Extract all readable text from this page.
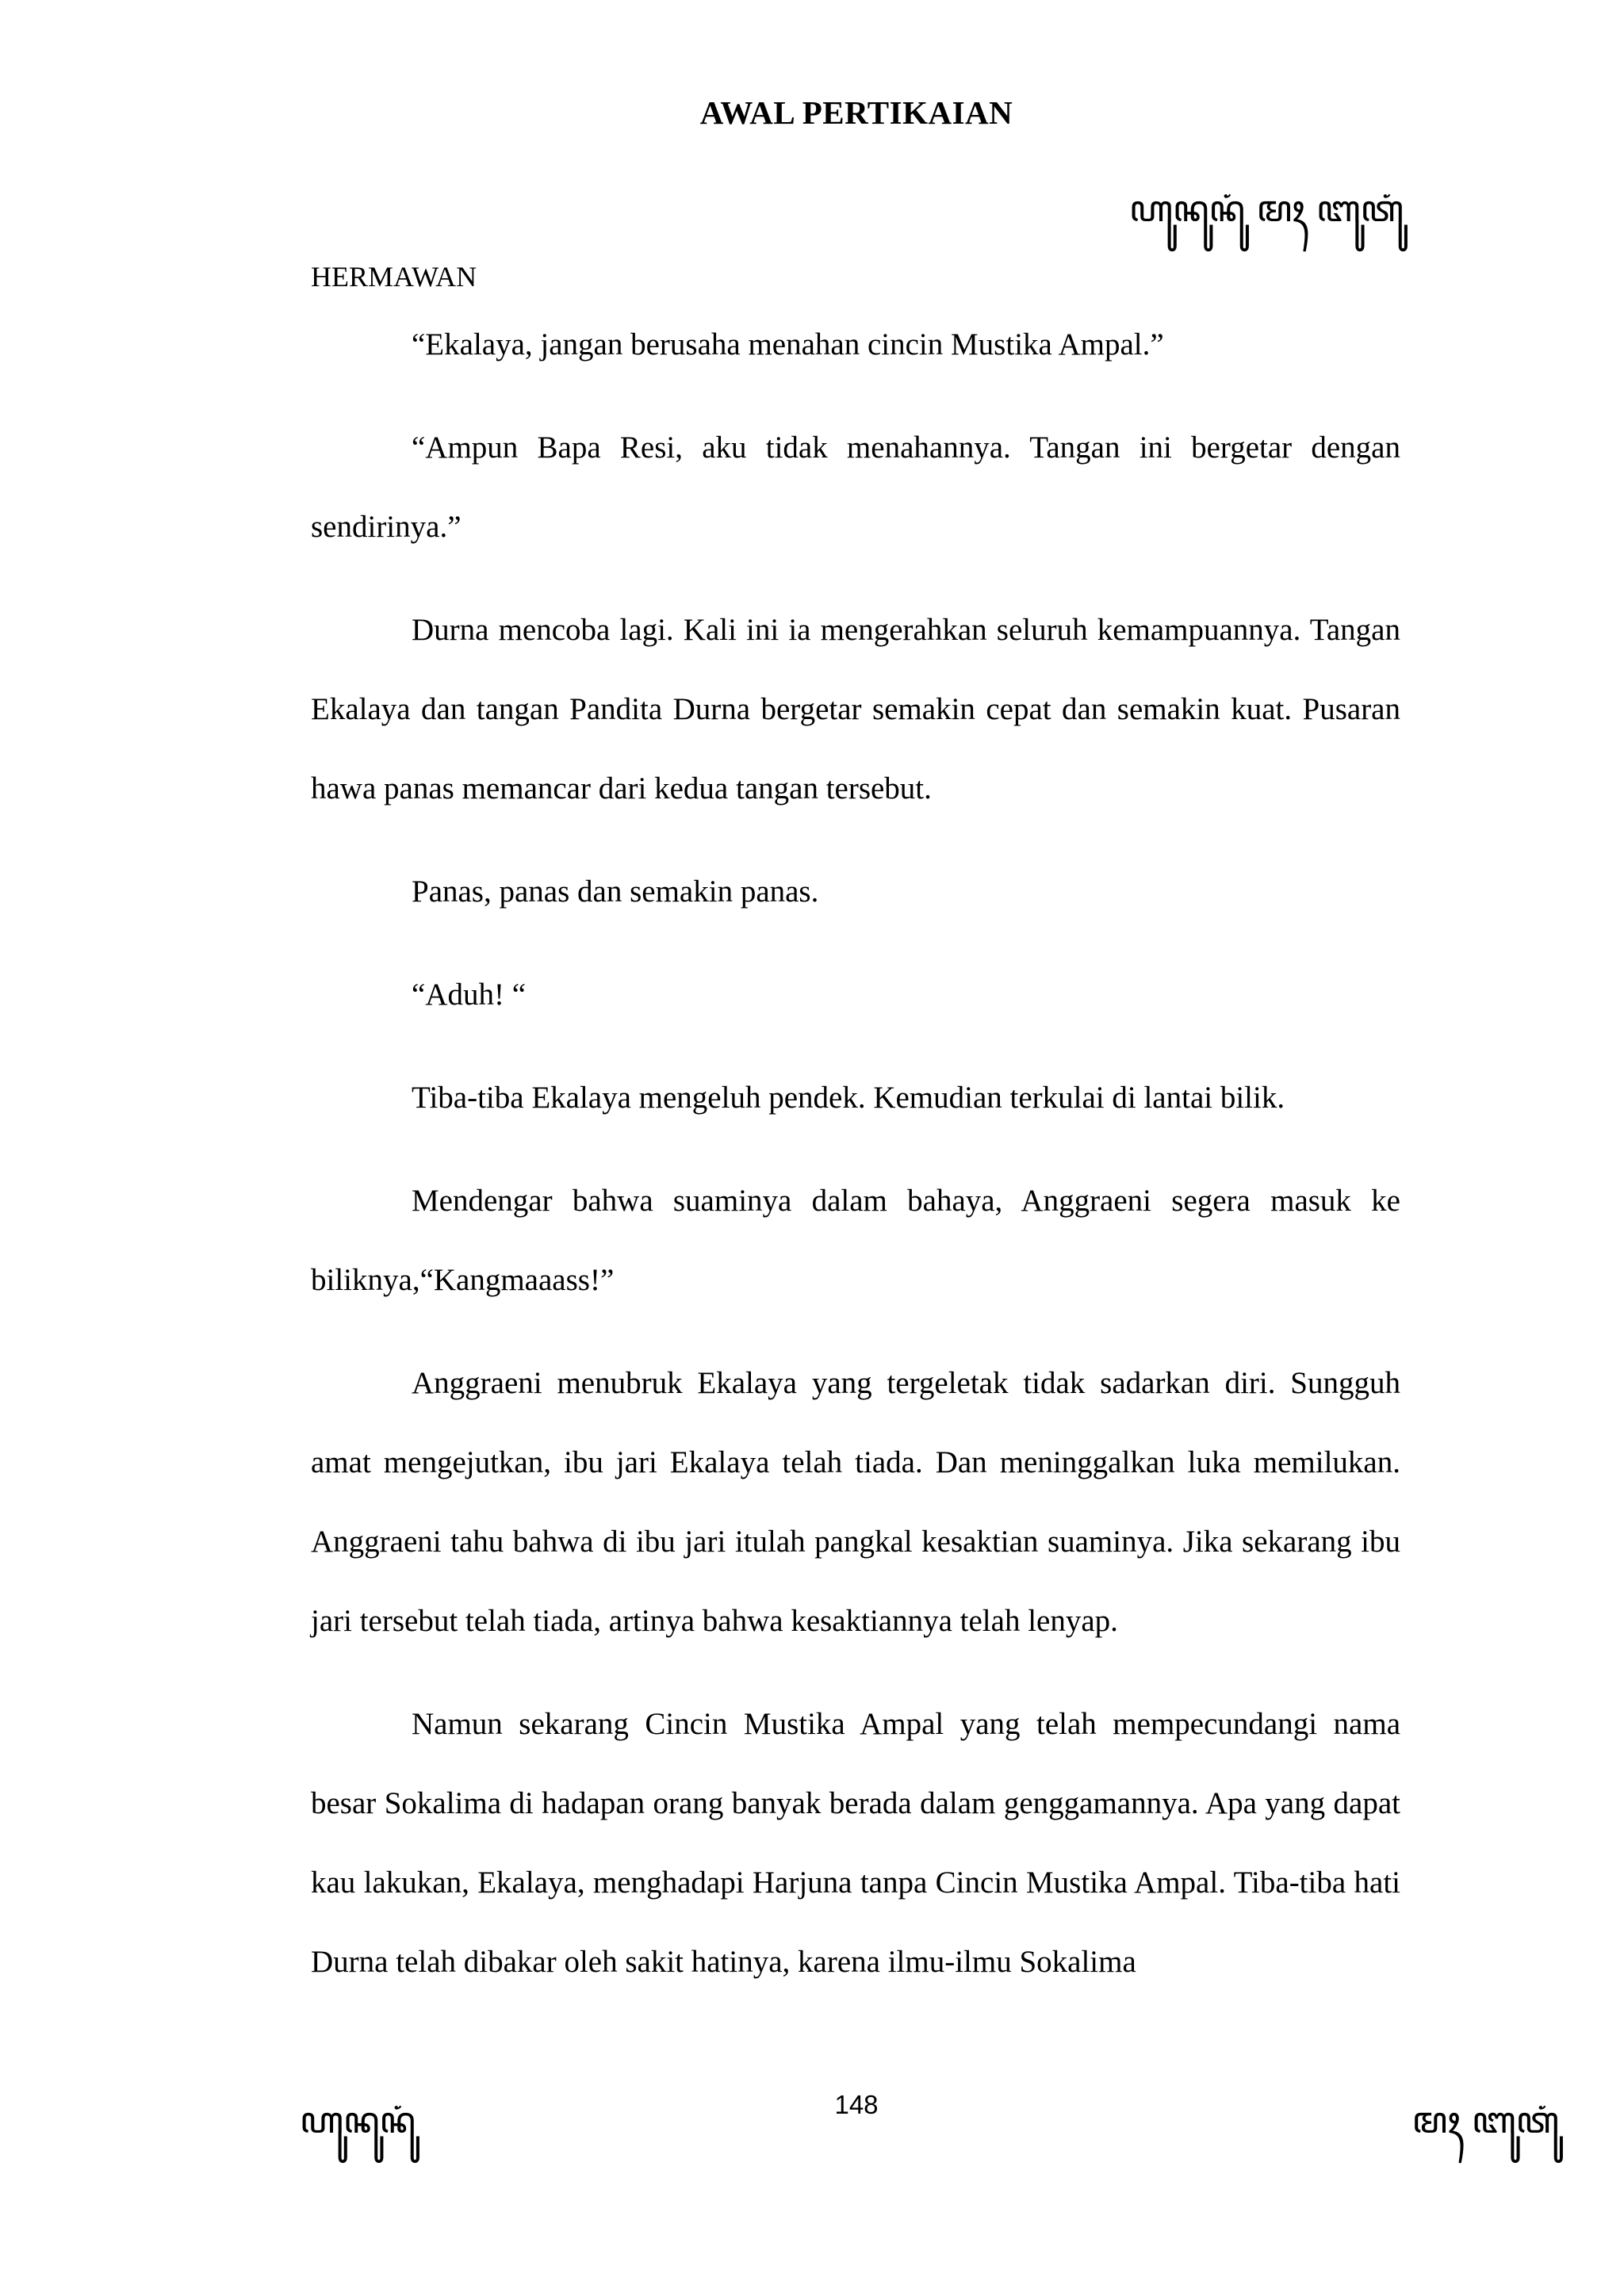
AWAL PERTIKAIAN
ꦲꦸꦤꦸꦤꦸꦁ ꦩꦃ ꦧꦸꦠꦸꦁ
HERMAWAN

“Ekalaya, jangan berusaha menahan cincin Mustika Ampal.”

“Ampun Bapa Resi, aku tidak menahannya. Tangan ini bergetar dengan sendirinya.”

Durna mencoba lagi. Kali ini ia mengerahkan seluruh kemampuannya. Tangan Ekalaya dan tangan Pandita Durna bergetar semakin cepat dan semakin kuat. Pusaran hawa panas memancar dari kedua tangan tersebut.

Panas, panas dan semakin panas.

“Aduh! “

Tiba-tiba Ekalaya mengeluh pendek. Kemudian terkulai di lantai bilik.

Mendengar bahwa suaminya dalam bahaya, Anggraeni segera masuk ke biliknya,“Kangmaaass!”

Anggraeni menubruk Ekalaya yang tergeletak tidak sadarkan diri. Sungguh amat mengejutkan, ibu jari Ekalaya telah tiada. Dan meninggalkan luka memilukan. Anggraeni tahu bahwa di ibu jari itulah pangkal kesaktian suaminya. Jika sekarang ibu jari tersebut telah tiada, artinya bahwa kesaktiannya telah lenyap.

Namun sekarang Cincin Mustika Ampal yang telah mempecundangi nama besar Sokalima di hadapan orang banyak berada dalam genggamannya. Apa yang dapat kau lakukan, Ekalaya, menghadapi Harjuna tanpa Cincin Mustika Ampal. Tiba-tiba hati Durna telah dibakar oleh sakit hatinya, karena ilmu-ilmu Sokalima

148
ꦲꦸꦤꦸꦤꦸꦁ	ꦩꦃ ꦧꦸꦠꦸꦁ
